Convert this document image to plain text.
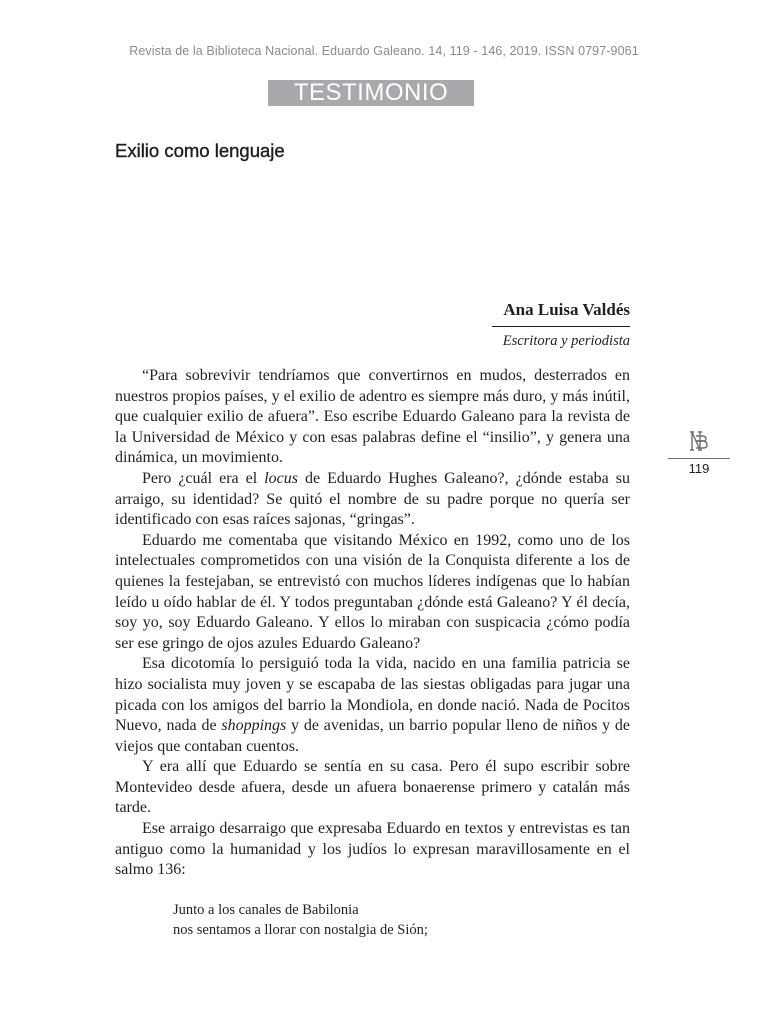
Revista de la Biblioteca Nacional. Eduardo Galeano. 14, 119 - 146, 2019. ISSN 0797-9061
TESTIMONIO
Exilio como lenguaje
Ana Luisa Valdés
Escritora y periodista

“Para sobrevivir tendríamos que convertirnos en mudos, desterrados en nuestros propios países, y el exilio de adentro es siempre más duro, y más inútil, que cualquier exilio de afuera”. Eso escribe Eduardo Galeano para la revista de la Universidad de México y con esas palabras define el “insilio”, y genera una dinámica, un movimiento.

Pero ¿cuál era el locus de Eduardo Hughes Galeano?, ¿dónde estaba su arraigo, su identidad? Se quitó el nombre de su padre porque no quería ser identificado con esas raíces sajonas, “gringas”.

Eduardo me comentaba que visitando México en 1992, como uno de los intelectuales comprometidos con una visión de la Conquista diferente a los de quienes la festejaban, se entrevistó con muchos líderes indígenas que lo habían leído u oído hablar de él. Y todos preguntaban ¿dónde está Galeano? Y él decía, soy yo, soy Eduardo Galeano. Y ellos lo miraban con suspicacia ¿cómo podía ser ese gringo de ojos azules Eduardo Galeano?

Esa dicotomía lo persiguió toda la vida, nacido en una familia patricia se hizo socialista muy joven y se escapaba de las siestas obligadas para jugar una picada con los amigos del barrio la Mondiola, en donde nació. Nada de Pocitos Nuevo, nada de shoppings y de avenidas, un barrio popular lleno de niños y de viejos que contaban cuentos.

Y era allí que Eduardo se sentía en su casa. Pero él supo escribir sobre Montevideo desde afuera, desde un afuera bonaerense primero y catalán más tarde.

Ese arraigo desarraigo que expresaba Eduardo en textos y entrevistas es tan antiguo como la humanidad y los judíos lo expresan maravillosamente en el salmo 136:

Junto a los canales de Babilonia
nos sentamos a llorar con nostalgia de Sión;
119
